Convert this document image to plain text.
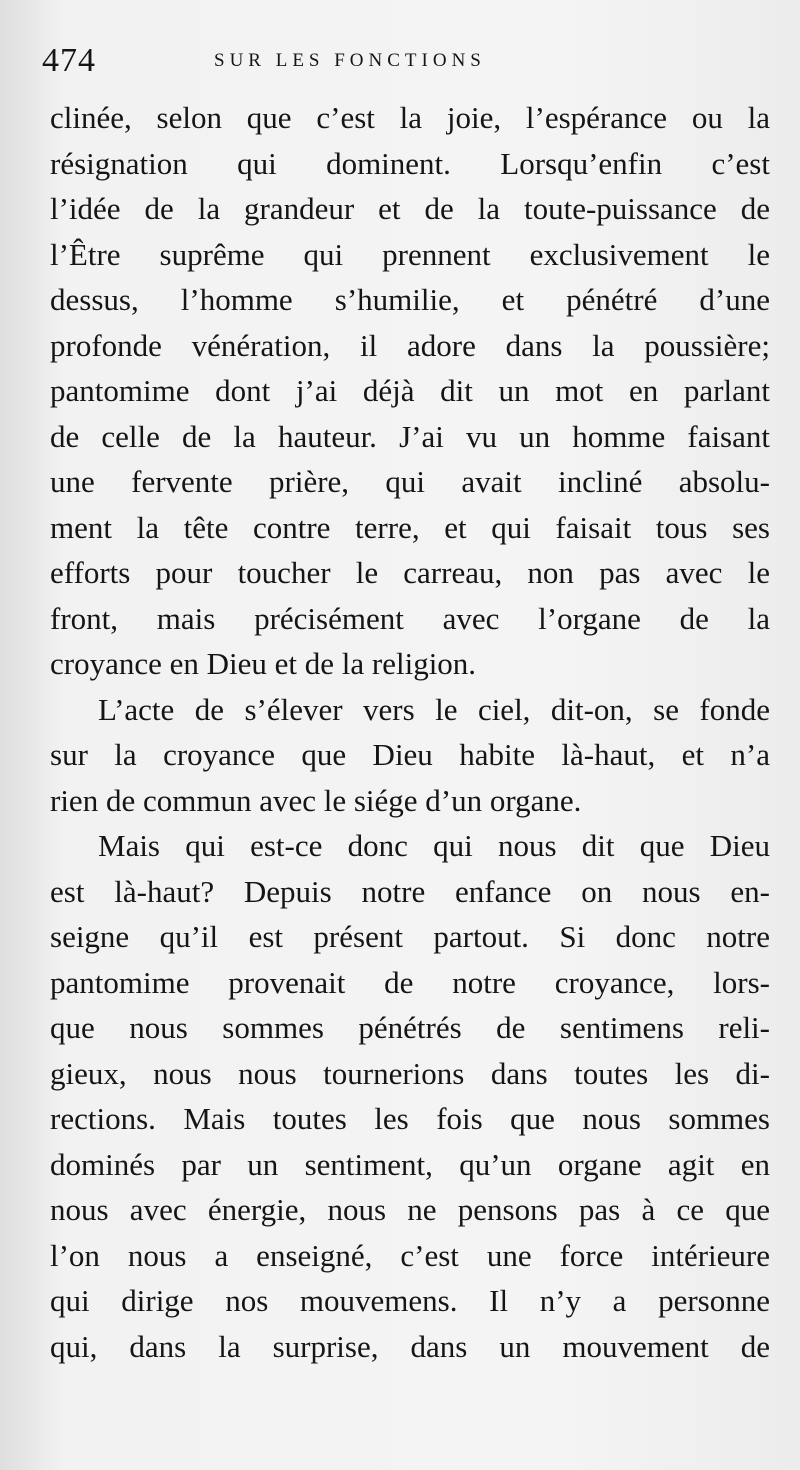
474	SUR LES FONCTIONS
clinée, selon que c’est la joie, l’espérance ou la
résignation qui dominent. Lorsqu’enfin c’est
l’idée de la grandeur et de la toute-puissance de
l’Être suprême qui prennent exclusivement le
dessus, l’homme s’humilie, et pénétré d’une
profonde vénération, il adore dans la poussière;
pantomime dont j’ai déjà dit un mot en parlant
de celle de la hauteur. J’ai vu un homme faisant
une fervente prière, qui avait incliné absolu-
ment la tête contre terre, et qui faisait tous ses
efforts pour toucher le carreau, non pas avec le
front, mais précisément avec l’organe de la
croyance en Dieu et de la religion.
L’acte de s’élever vers le ciel, dit-on, se fonde
sur la croyance que Dieu habite là-haut, et n’a
rien de commun avec le siége d’un organe.
Mais qui est-ce donc qui nous dit que Dieu
est là-haut? Depuis notre enfance on nous en-
seigne qu’il est présent partout. Si donc notre
pantomime provenait de notre croyance, lors-
que nous sommes pénétrés de sentimens reli-
gieux, nous nous tournerions dans toutes les di-
rections. Mais toutes les fois que nous sommes
dominés par un sentiment, qu’un organe agit en
nous avec énergie, nous ne pensons pas à ce que
l’on nous a enseigné, c’est une force intérieure
qui dirige nos mouvemens. Il n’y a personne
qui, dans la surprise, dans un mouvement de
